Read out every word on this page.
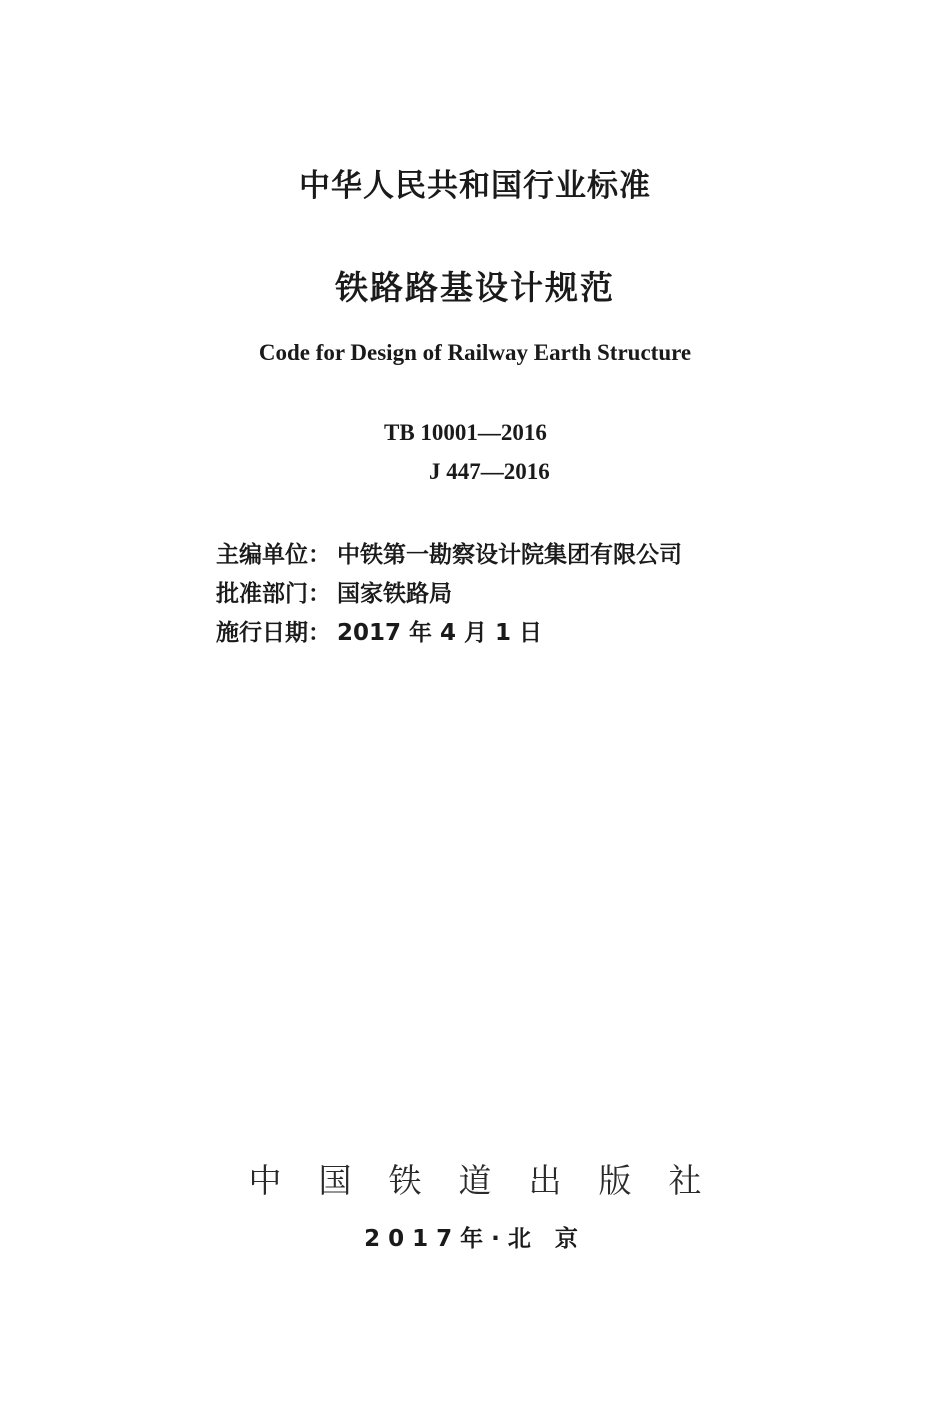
中华人民共和国行业标准
铁路路基设计规范
Code for Design of Railway Earth Structure
TB 10001—2016
J 447—2016
主编单位 ： 中铁第一勘察设计院集团有限公司
批准部门 ： 国家铁路局
施行日期 ： 2017 年 4 月 1 日
中国铁道出版社
2017年·北 京
